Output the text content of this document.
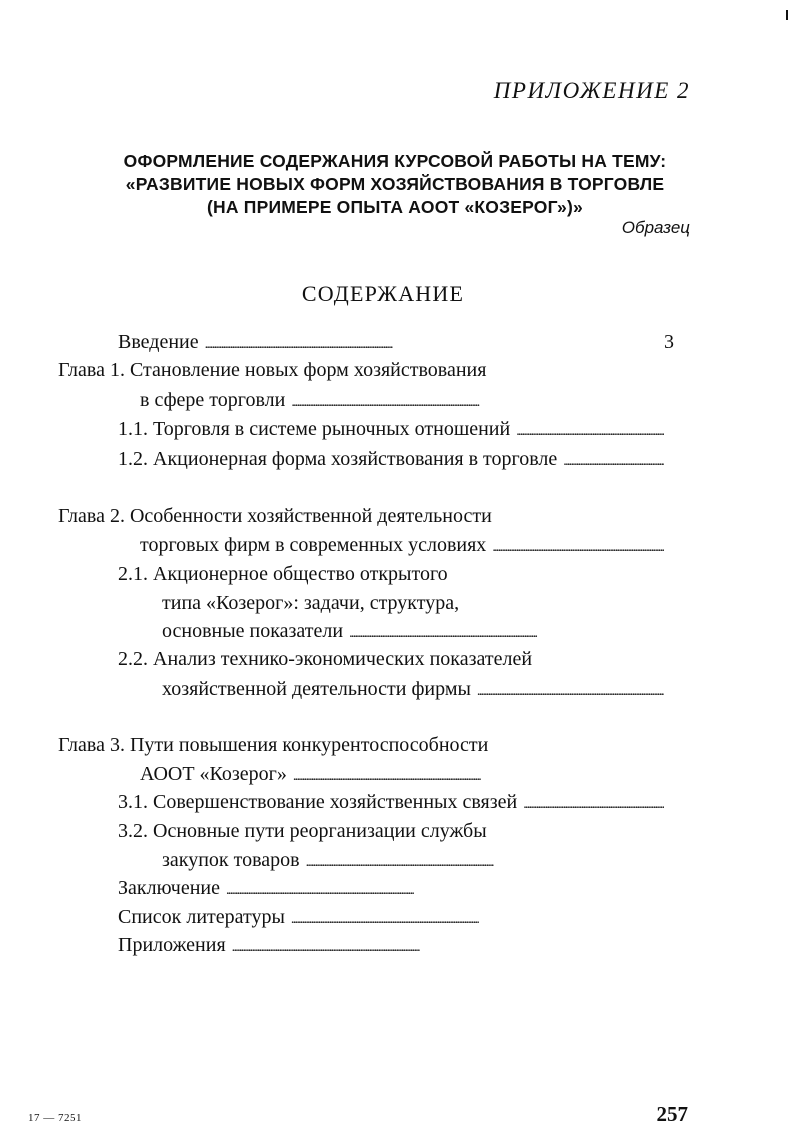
ПРИЛОЖЕНИЕ 2
ОФОРМЛЕНИЕ СОДЕРЖАНИЯ КУРСОВОЙ РАБОТЫ НА ТЕМУ:
«РАЗВИТИЕ НОВЫХ ФОРМ ХОЗЯЙСТВОВАНИЯ В ТОРГОВЛЕ
(НА ПРИМЕРЕ ОПЫТА АООТ «КОЗЕРОГ»)»
Образец
СОДЕРЖАНИЕ
Введение
. . .	3
Глава 1. Становление новых форм хозяйствования
в сфере торговли
. . .
1.1. Торговля в системе рыночных отношений
. . .
1.2. Акционерная форма хозяйствования в торговле
. . .
Глава 2. Особенности хозяйственной деятельности
торговых фирм в современных условиях
. . .
2.1. Акционерное общество открытого
типа «Козерог»: задачи, структура,
основные показатели
. . .
2.2. Анализ технико-экономических показателей
хозяйственной деятельности фирмы
. . .
Глава 3. Пути повышения конкурентоспособности
АООТ «Козерог»
. . .
3.1. Совершенствование хозяйственных связей
. . .
3.2. Основные пути реорганизации службы
закупок товаров
. . .
Заключение
. . .
Список литературы
. . .
Приложения
. . .
17 — 7251	257
